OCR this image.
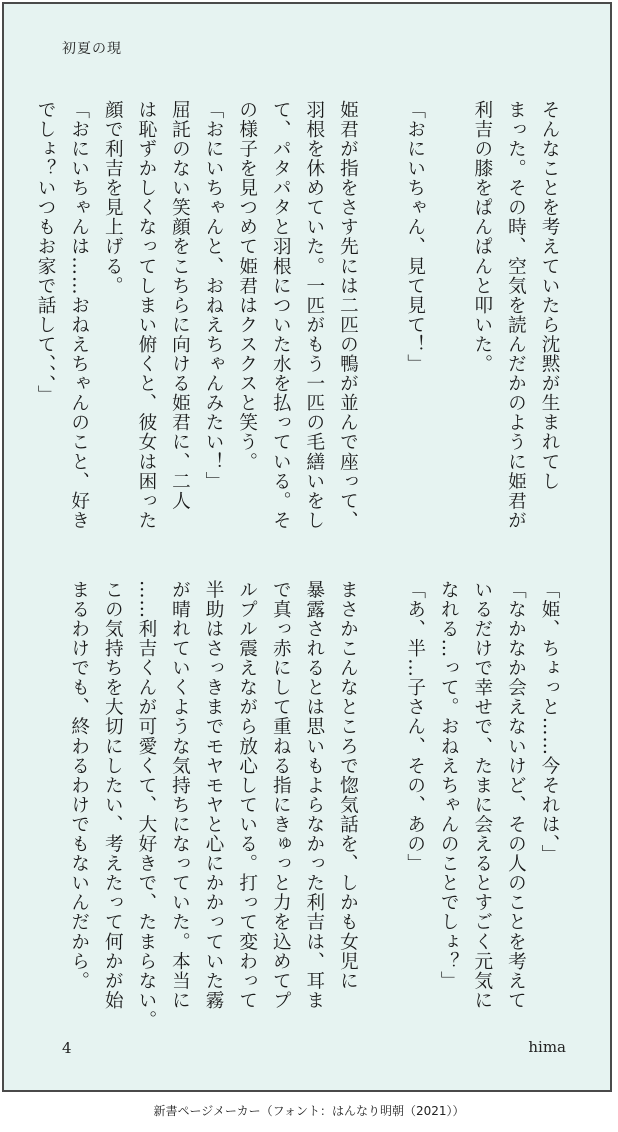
初夏の現

そんなことを考えていたら沈黙が生まれてし

まった。その時、空気を読んだかのように姫君が

利吉の膝をぱんぱんと叩いた。

「おにいちゃん、見て見て！」

姫君が指をさす先には二匹の鴨が並んで座って、

羽根を休めていた。一匹がもう一匹の毛繕いをし

て、パタパタと羽根についた水を払っている。そ

の様子を見つめて姫君はクスクスと笑う。

「おにいちゃんと、おねえちゃんみたい！」

屈託のない笑顔をこちらに向ける姫君に、二人

は恥ずかしくなってしまい俯くと、彼女は困った

顔で利吉を見上げる。

「おにいちゃんは……おねえちゃんのこと、好き

でしょ？いつもお家で話して、、、」

「姫、ちょっと……今それは、」

「なかなか会えないけど、その人のことを考えて

いるだけで幸せで、たまに会えるとすごく元気に

なれる…って。おねえちゃんのことでしょ？」

「あ、半…子さん、その、あの」

まさかこんなところで惚気話を、しかも女児に

暴露されるとは思いもよらなかった利吉は、耳ま

で真っ赤にして重ねる指にきゅっと力を込めてプ

ルプル震えながら放心している。打って変わって

半助はさっきまでモヤモヤと心にかかっていた霧

が晴れていくような気持ちになっていた。本当に

……利吉くんが可愛くて、大好きで、たまらない。

この気持ちを大切にしたい、考えたって何かが始

まるわけでも、終わるわけでもないんだから。

4	hima
新書ページメーカー（フォント：はんなり明朝（2021））
